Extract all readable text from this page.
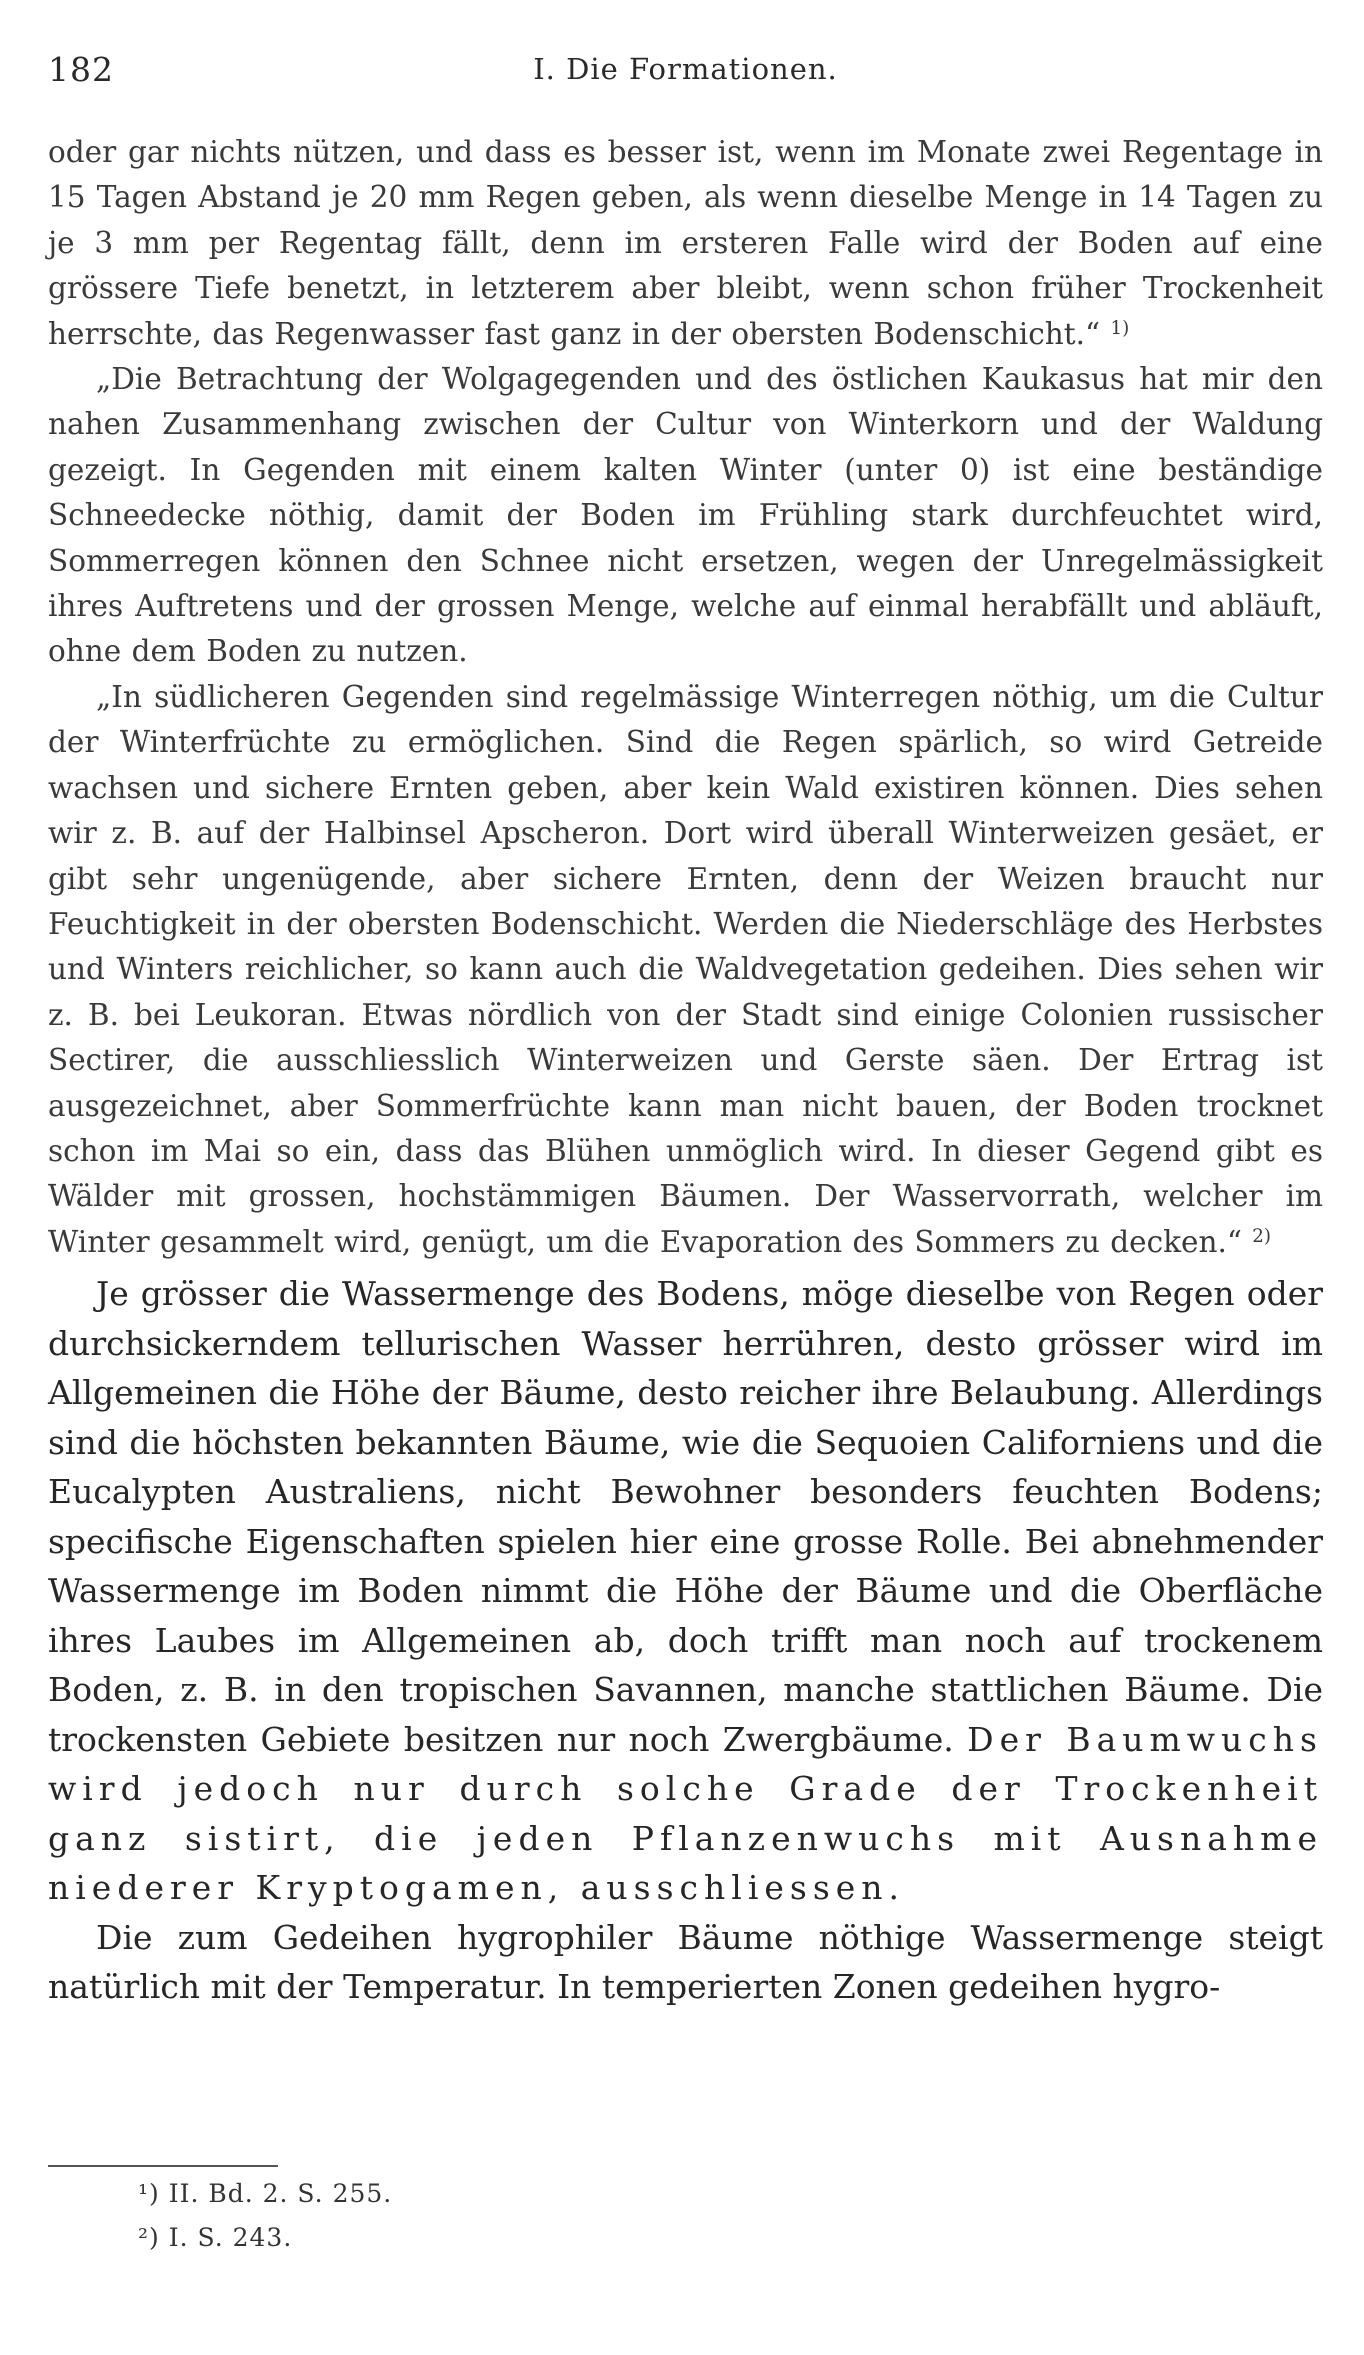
182	I. Die Formationen.

oder gar nichts nützen, und dass es besser ist, wenn im Monate zwei Regentage in 15 Tagen Abstand je 20 mm Regen geben, als wenn dieselbe Menge in 14 Tagen zu je 3 mm per Regentag fällt, denn im ersteren Falle wird der Boden auf eine grössere Tiefe benetzt, in letzterem aber bleibt, wenn schon früher Trockenheit herrschte, das Regenwasser fast ganz in der obersten Bodenschicht.“ $^{1)}$

„Die Betrachtung der Wolgagegenden und des östlichen Kaukasus hat mir den nahen Zusammenhang zwischen der Cultur von Winterkorn und der Waldung gezeigt. In Gegenden mit einem kalten Winter (unter 0) ist eine beständige Schneedecke nöthig, damit der Boden im Frühling stark durchfeuchtet wird, Sommerregen können den Schnee nicht ersetzen, wegen der Unregelmässigkeit ihres Auftretens und der grossen Menge, welche auf einmal herabfällt und abläuft, ohne dem Boden zu nutzen.

„In südlicheren Gegenden sind regelmässige Winterregen nöthig, um die Cultur der Winterfrüchte zu ermöglichen. Sind die Regen spärlich, so wird Getreide wachsen und sichere Ernten geben, aber kein Wald existiren können. Dies sehen wir z. B. auf der Halbinsel Apscheron. Dort wird überall Winterweizen gesäet, er gibt sehr ungenügende, aber sichere Ernten, denn der Weizen braucht nur Feuchtigkeit in der obersten Bodenschicht. Werden die Niederschläge des Herbstes und Winters reichlicher, so kann auch die Waldvegetation gedeihen. Dies sehen wir z. B. bei Leukoran. Etwas nördlich von der Stadt sind einige Colonien russischer Sectirer, die ausschliesslich Winterweizen und Gerste säen. Der Ertrag ist ausgezeichnet, aber Sommerfrüchte kann man nicht bauen, der Boden trocknet schon im Mai so ein, dass das Blühen unmöglich wird. In dieser Gegend gibt es Wälder mit grossen, hochstämmigen Bäumen. Der Wasservorrath, welcher im Winter gesammelt wird, genügt, um die Evaporation des Sommers zu decken.“ $^{2)}$

Je grösser die Wassermenge des Bodens, möge dieselbe von Regen oder durchsickerndem tellurischen Wasser herrühren, desto grösser wird im Allgemeinen die Höhe der Bäume, desto reicher ihre Belaubung. Allerdings sind die höchsten bekannten Bäume, wie die Sequoien Californiens und die Eucalypten Australiens, nicht Bewohner besonders feuchten Bodens; specifische Eigenschaften spielen hier eine grosse Rolle. Bei abnehmender Wassermenge im Boden nimmt die Höhe der Bäume und die Oberfläche ihres Laubes im Allgemeinen ab, doch trifft man noch auf trockenem Boden, z. B. in den tropischen Savannen, manche stattlichen Bäume. Die trockensten Gebiete besitzen nur noch Zwergbäume. Der Baumwuchs wird jedoch nur durch solche Grade der Trockenheit ganz sistirt, die jeden Pflanzenwuchs mit Ausnahme niederer Kryptogamen, ausschliessen.

Die zum Gedeihen hygrophiler Bäume nöthige Wassermenge steigt natürlich mit der Temperatur. In temperierten Zonen gedeihen hygro-

¹) II. Bd. 2. S. 255.
²) I. S. 243.
